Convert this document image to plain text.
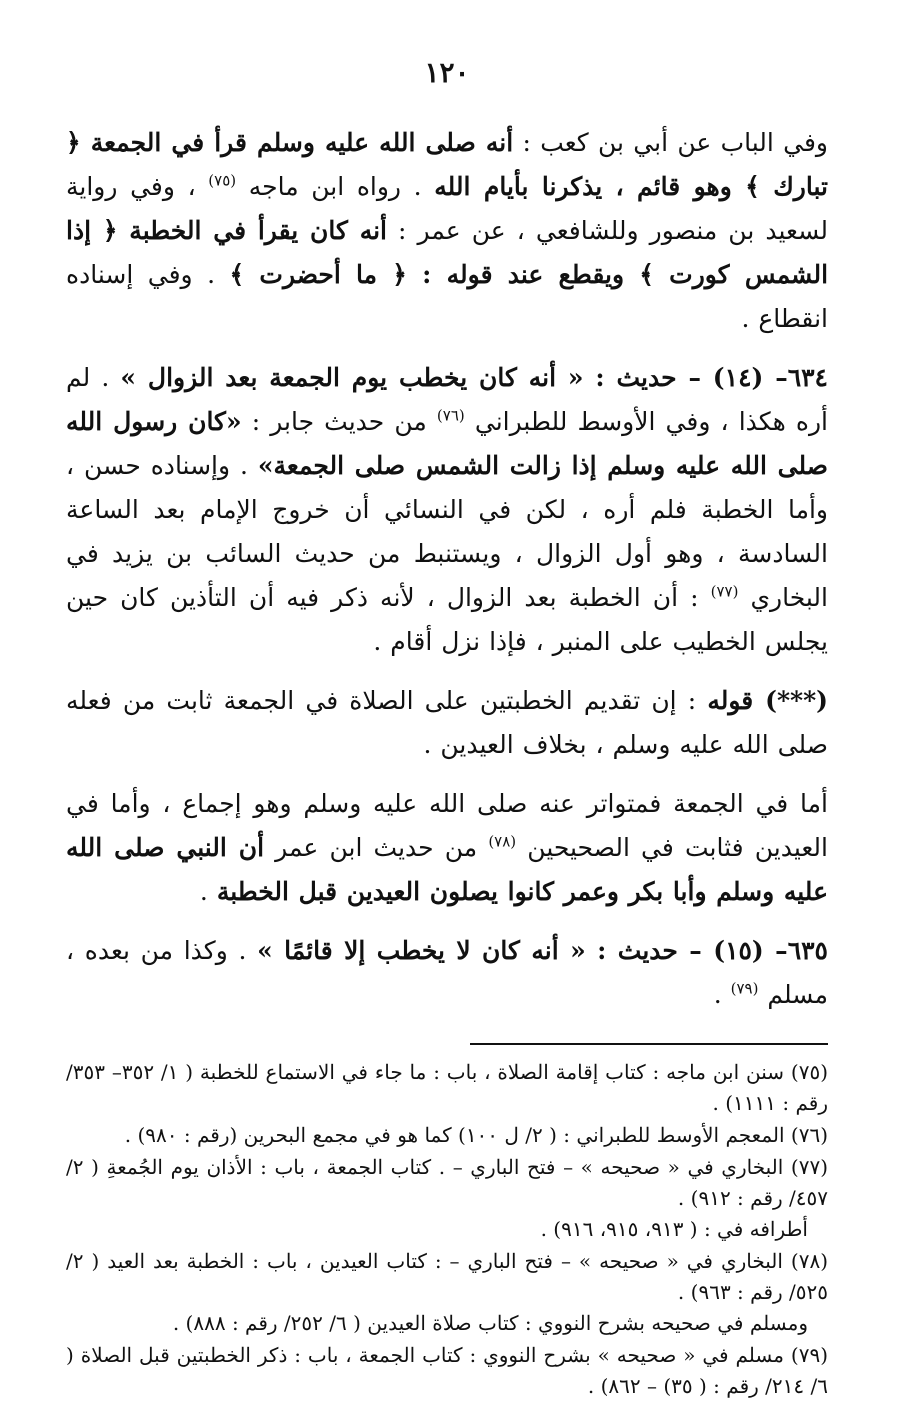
١٢٠

وفي الباب عن أبي بن كعب : أنه صلى الله عليه وسلم قرأ في الجمعة ﴿ تبارك ﴾ وهو قائم ، يذكرنا بأيام الله . رواه ابن ماجه $^{(٧٥)}$ ، وفي رواية لسعيد بن منصور وللشافعي ، عن عمر : أنه كان يقرأ في الخطبة ﴿ إذا الشمس كورت ﴾ ويقطع عند قوله : ﴿ ما أحضرت ﴾ . وفي إسناده انقطاع .

٦٣٤– (١٤) – حديث : « أنه كان يخطب يوم الجمعة بعد الزوال » . لم أره هكذا ، وفي الأوسط للطبراني $^{(٧٦)}$ من حديث جابر : «كان رسول الله صلى الله عليه وسلم إذا زالت الشمس صلى الجمعة» . وإسناده حسن ، وأما الخطبة فلم أره ، لكن في النسائي أن خروج الإمام بعد الساعة السادسة ، وهو أول الزوال ، ويستنبط من حديث السائب بن يزيد في البخاري $^{(٧٧)}$ : أن الخطبة بعد الزوال ، لأنه ذكر فيه أن التأذين كان حين يجلس الخطيب على المنبر ، فإذا نزل أقام .

(***) قوله : إن تقديم الخطبتين على الصلاة في الجمعة ثابت من فعله صلى الله عليه وسلم ، بخلاف العيدين .

أما في الجمعة فمتواتر عنه صلى الله عليه وسلم وهو إجماع ، وأما في العيدين فثابت في الصحيحين $^{(٧٨)}$ من حديث ابن عمر أن النبي صلى الله عليه وسلم وأبا بكر وعمر كانوا يصلون العيدين قبل الخطبة .

٦٣٥– (١٥) – حديث : « أنه كان لا يخطب إلا قائمًا » . وكذا من بعده ، مسلم $^{(٧٩)}$ .

(٧٥) سنن ابن ماجه : كتاب إقامة الصلاة ، باب : ما جاء في الاستماع للخطبة ( ١/ ٣٥٢– ٣٥٣/ رقم : ١١١١) .
(٧٦) المعجم الأوسط للطبراني : ( ٢/ ل ١٠٠) كما هو في مجمع البحرين (رقم : ٩٨٠) .
(٧٧) البخاري في « صحيحه » – فتح الباري – . كتاب الجمعة ، باب : الأذان يوم الجُمعةِ ( ٢/ ٤٥٧/ رقم : ٩١٢) .
أطرافه في : ( ٩١٣، ٩١٥، ٩١٦) .
(٧٨) البخاري في « صحيحه » – فتح الباري – : كتاب العيدين ، باب : الخطبة بعد العيد ( ٢/ ٥٢٥/ رقم : ٩٦٣) .
ومسلم في صحيحه بشرح النووي : كتاب صلاة العيدين ( ٦/ ٢٥٢/ رقم : ٨٨٨) .
(٧٩) مسلم في « صحيحه » بشرح النووي : كتاب الجمعة ، باب : ذكر الخطبتين قبل الصلاة ( ٦/ ٢١٤/ رقم : ( ٣٥) – ٨٦٢) .
